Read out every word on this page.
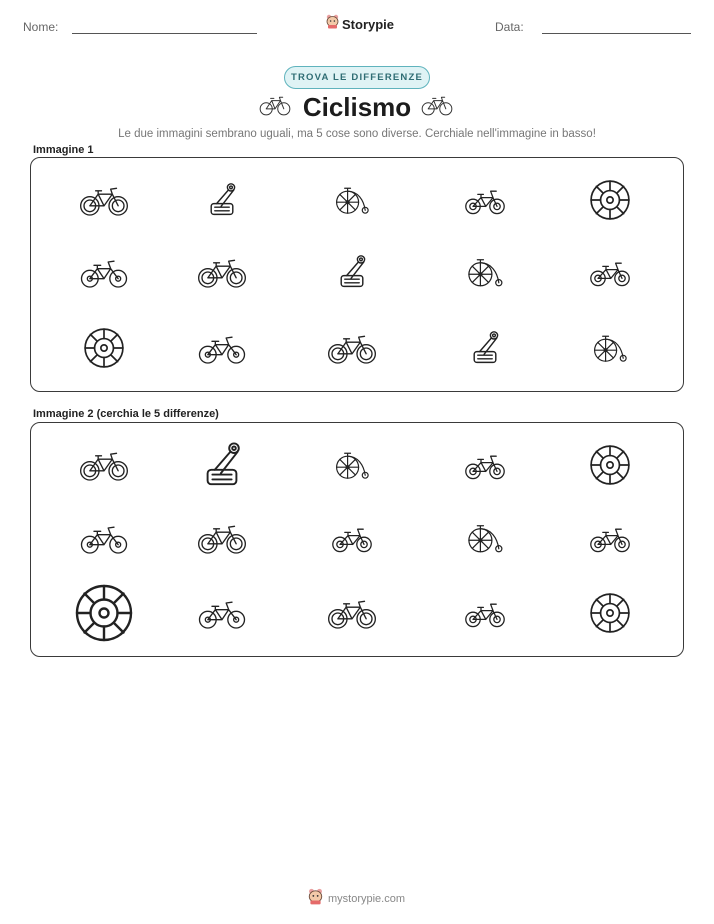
Nome:	Storypie	Data:
TROVA LE DIFFERENZE
Ciclismo
Le due immagini sembrano uguali, ma 5 cose sono diverse. Cerchiale nell'immagine in basso!
Immagine 1
Immagine 2 (cerchia le 5 differenze)
mystorypie.com
